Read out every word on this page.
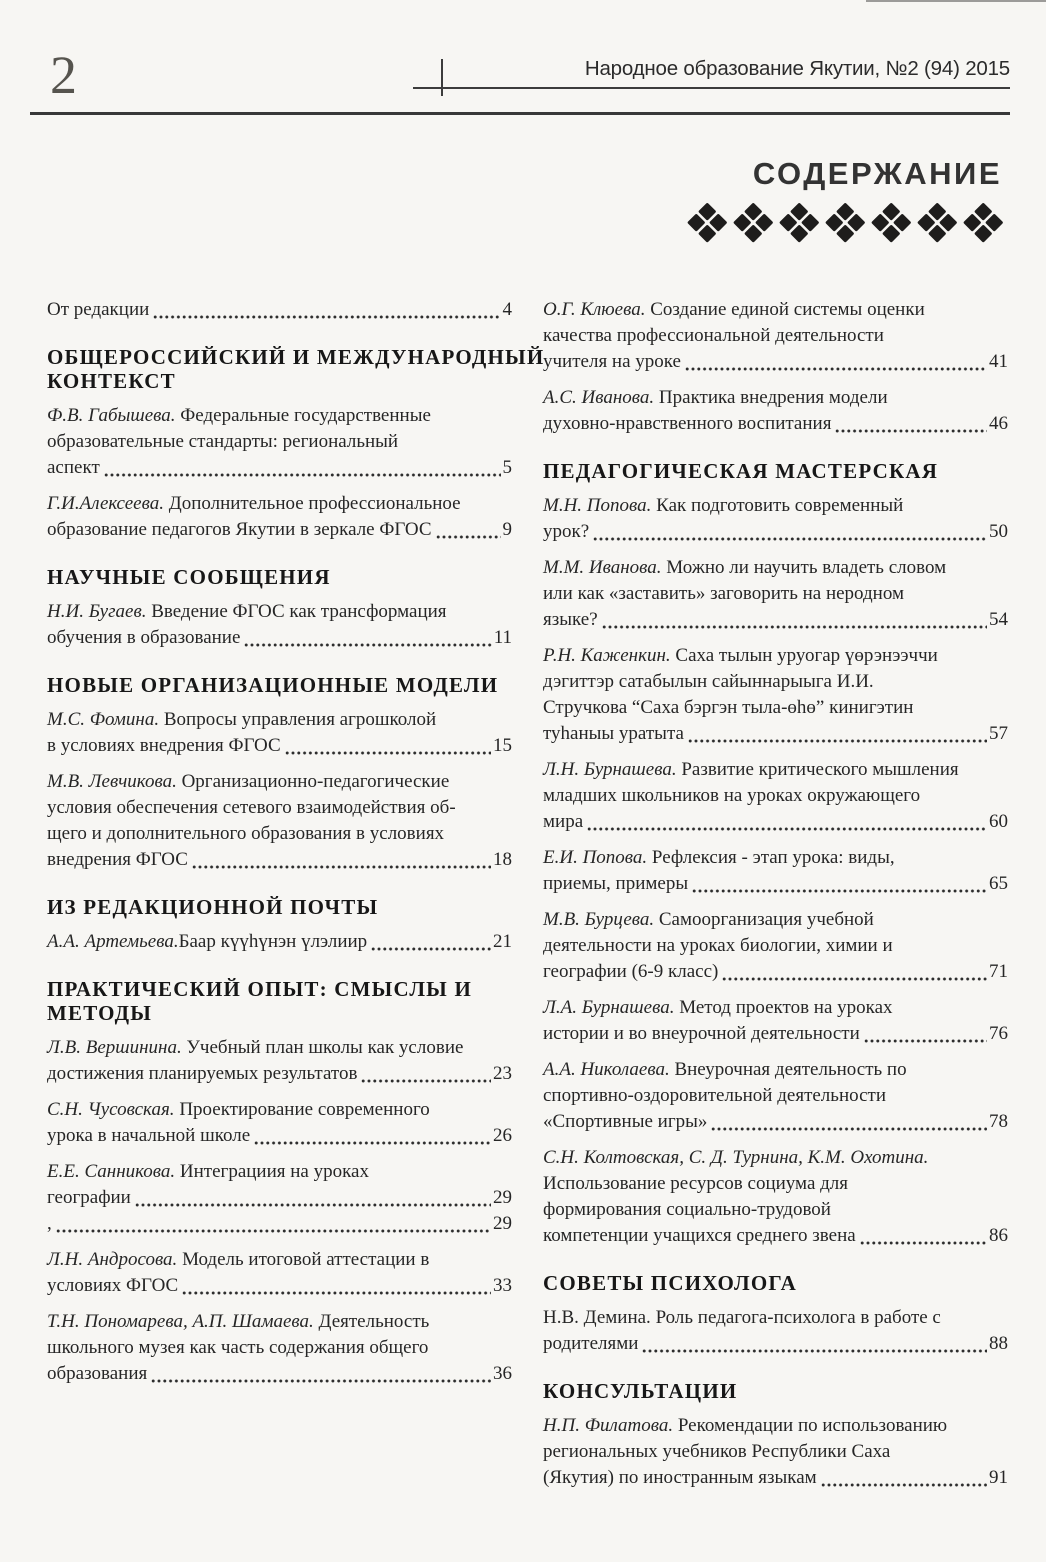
2	Народное образование Якутии, №2 (94) 2015
СОДЕРЖАНИЕ
От редакции	4
ОБЩЕРОССИЙСКИЙ И МЕЖДУНАРОДНЫЙ
КОНТЕКСТ
Ф.В. Габышева. Федеральные государственные
образовательные стандарты: региональный
аспект	5
Г.И.Алексеева. Дополнительное профессиональное
образование педагогов Якутии в зеркале ФГОС	9
НАУЧНЫЕ СООБЩЕНИЯ
Н.И. Бугаев. Введение ФГОС как трансформация
обучения в образование	11
НОВЫЕ ОРГАНИЗАЦИОННЫЕ МОДЕЛИ
М.С. Фомина. Вопросы управления агрошколой
в условиях внедрения ФГОС	15
М.В. Левчикова. Организационно-педагогические
условия обеспечения сетевого взаимодействия об-
щего и дополнительного образования в условиях
внедрения ФГОС	18
ИЗ РЕДАКЦИОННОЙ ПОЧТЫ
А.А. Артемьева. Баар күүһүнэн үлэлиир	21
ПРАКТИЧЕСКИЙ ОПЫТ: СМЫСЛЫ И
МЕТОДЫ
Л.В. Вершинина. Учебный план школы как условие
достижения планируемых результатов	23
С.Н. Чусовская. Проектирование современного
урока в начальной школе	26
Е.Е. Санникова. Интеграциия на уроках
географии	29
,	29
Л.Н. Андросова. Модель итоговой аттестации в
условиях ФГОС	33
Т.Н. Пономарева, А.П. Шамаева. Деятельность
школьного музея как часть содержания общего
образования	36
О.Г. Клюева. Создание единой системы оценки
качества профессиональной деятельности
учителя на уроке	41
А.С. Иванова. Практика внедрения модели
духовно-нравственного воспитания	46
ПЕДАГОГИЧЕСКАЯ МАСТЕРСКАЯ
М.Н. Попова. Как подготовить современный
урок?	50
М.М. Иванова. Можно ли научить владеть словом
или как «заставить» заговорить на неродном
языке?	54
Р.Н. Каженкин. Саха тылын уруогар үөрэнээччи
дэгиттэр сатабылын сайыннарыыга И.И.
Стручкова “Саха бэргэн тыла-өһө” кинигэтин
туһаныы уратыта	57
Л.Н. Бурнашева. Развитие критического мышления
младших школьников на уроках окружающего
мира	60
Е.И. Попова. Рефлексия - этап урока: виды,
приемы, примеры	65
М.В. Бурцева. Самоорганизация учебной
деятельности на уроках биологии, химии и
географии (6-9 класс)	71
Л.А. Бурнашева. Метод проектов на уроках
истории и во внеурочной деятельности	76
А.А. Николаева. Внеурочная деятельность по
спортивно-оздоровительной деятельности
«Спортивные игры»	78
С.Н. Колтовская, С. Д. Турнина, К.М. Охотина.
Использование ресурсов социума для
формирования социально-трудовой
компетенции учащихся среднего звена	86
СОВЕТЫ ПСИХОЛОГА
Н.В. Демина. Роль педагога-психолога в работе с
родителями	88
КОНСУЛЬТАЦИИ
Н.П. Филатова. Рекомендации по использованию
региональных учебников Республики Саха
(Якутия) по иностранным языкам	91
